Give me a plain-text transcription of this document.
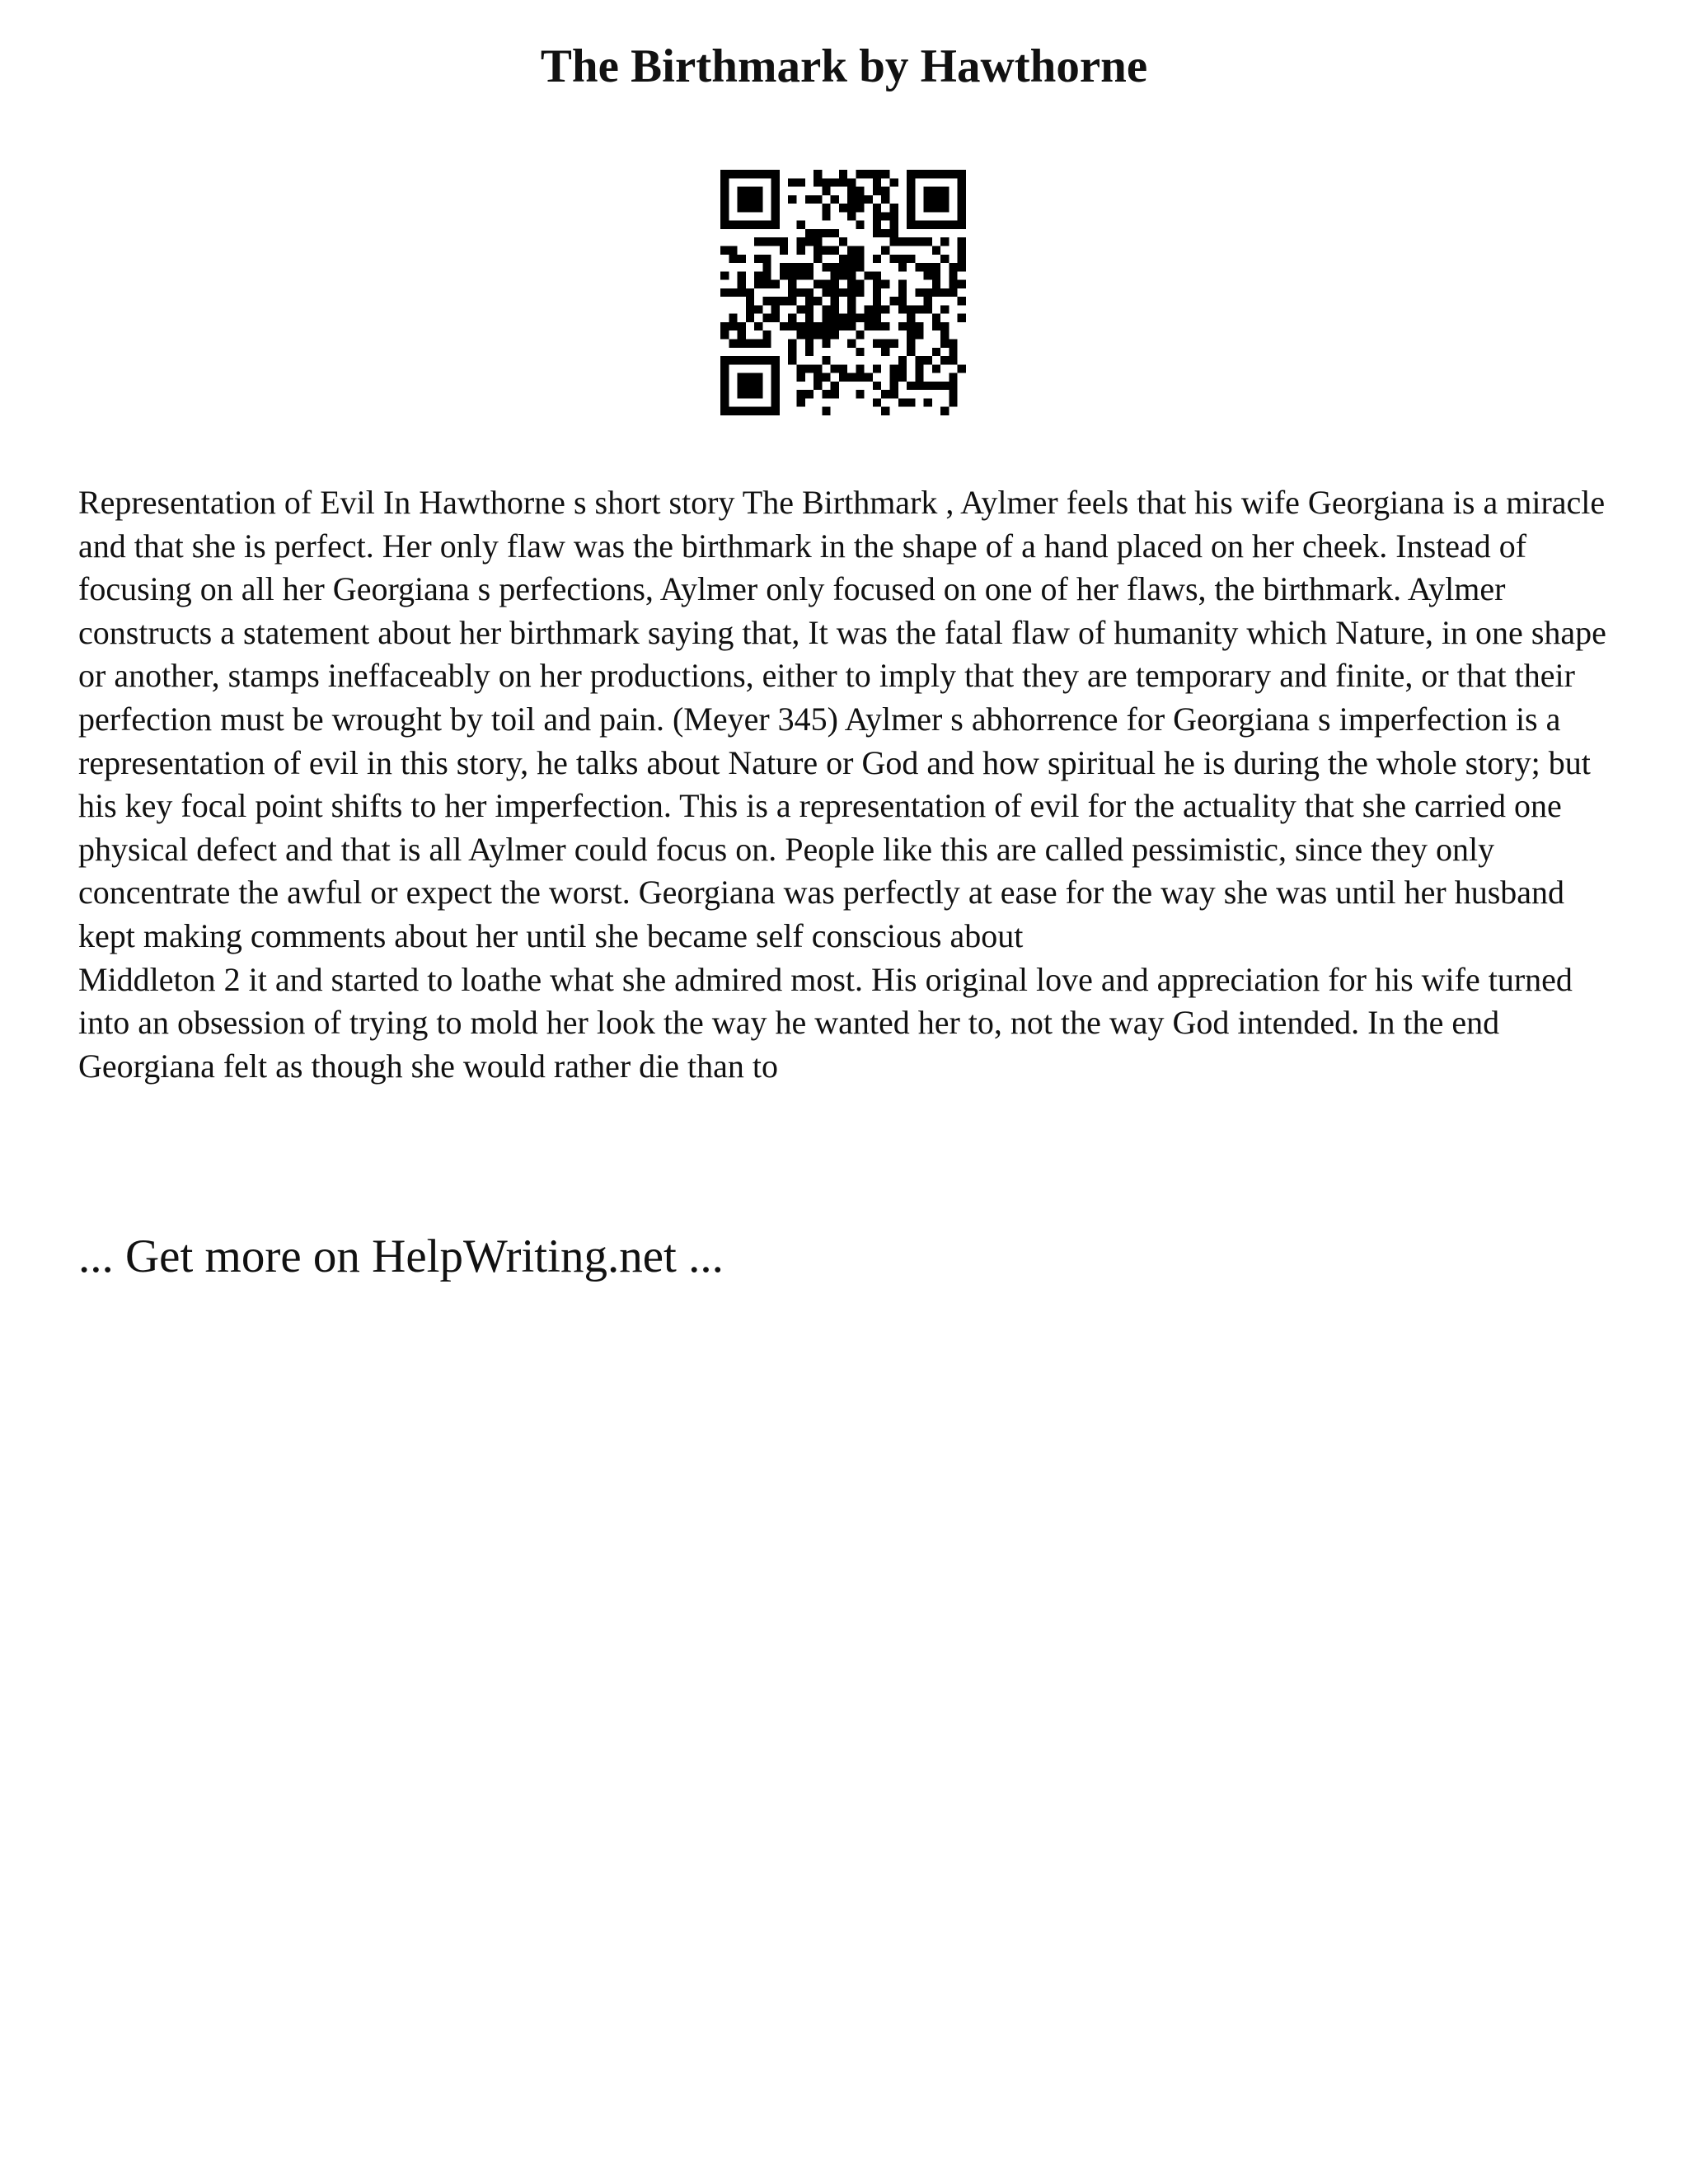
The Birthmark by Hawthorne

Representation of Evil In Hawthorne s short story The Birthmark , Aylmer feels that his wife Georgiana is a miracle and that she is perfect. Her only flaw was the birthmark in the shape of a hand placed on her cheek. Instead of focusing on all her Georgiana s perfections, Aylmer only focused on one of her flaws, the birthmark. Aylmer constructs a statement about her birthmark saying that, It was the fatal flaw of humanity which Nature, in one shape or another, stamps ineffaceably on her productions, either to imply that they are temporary and finite, or that their perfection must be wrought by toil and pain. (Meyer 345) Aylmer s abhorrence for Georgiana s imperfection is a representation of evil in this story, he talks about Nature or God and how spiritual he is during the whole story; but his key focal point shifts to her imperfection. This is a representation of evil for the actuality that she carried one physical defect and that is all Aylmer could focus on. People like this are called pessimistic, since they only concentrate the awful or expect the worst. Georgiana was perfectly at ease for the way she was until her husband kept making comments about her until she became self conscious about

Middleton 2 it and started to loathe what she admired most. His original love and appreciation for his wife turned into an obsession of trying to mold her look the way he wanted her to, not the way God intended. In the end Georgiana felt as though she would rather die than to

... Get more on HelpWriting.net ...
